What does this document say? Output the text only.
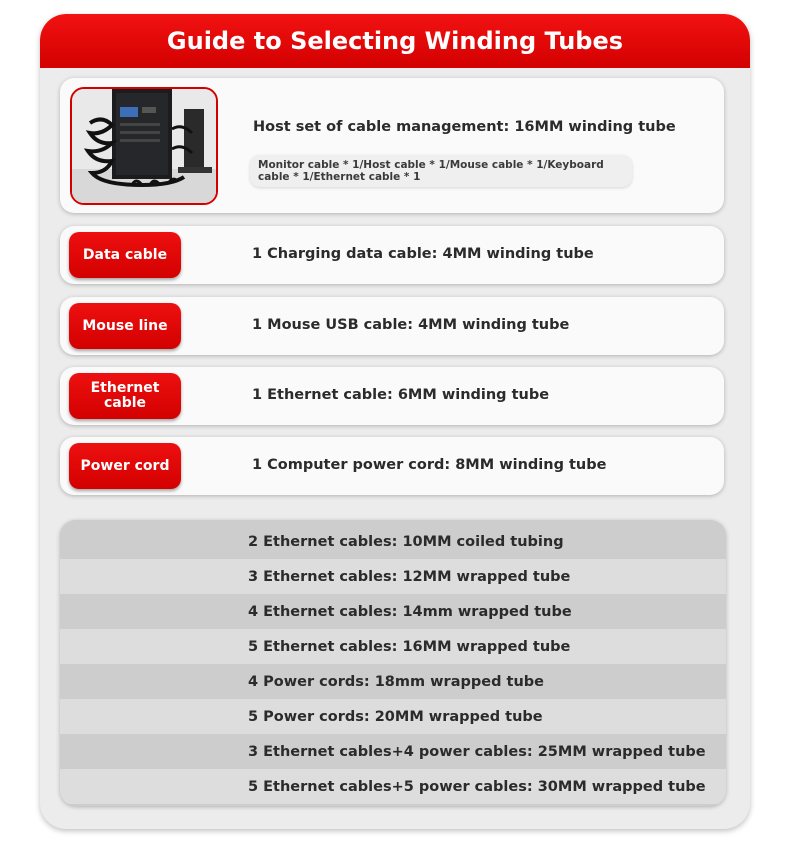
Guide to Selecting Winding Tubes
Host set of cable management: 16MM winding tube
Monitor cable * 1/Host cable * 1/Mouse cable * 1/Keyboard cable * 1/Ethernet cable * 1
Data cable	1 Charging data cable: 4MM winding tube
Mouse line	1 Mouse USB cable: 4MM winding tube
Ethernet cable	1 Ethernet cable: 6MM winding tube
Power cord	1 Computer power cord: 8MM winding tube
2 Ethernet cables: 10MM coiled tubing
3 Ethernet cables: 12MM wrapped tube
4 Ethernet cables: 14mm wrapped tube
5 Ethernet cables: 16MM wrapped tube
4 Power cords: 18mm wrapped tube
5 Power cords: 20MM wrapped tube
3 Ethernet cables+4 power cables: 25MM wrapped tube
5 Ethernet cables+5 power cables: 30MM wrapped tube
